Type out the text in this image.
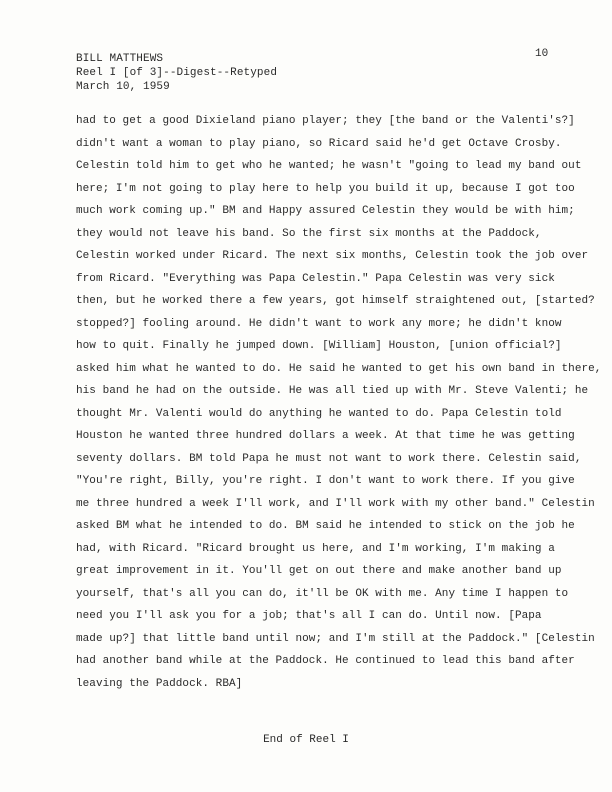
BILL MATTHEWS
Reel I [of 3]--Digest--Retyped
March 10, 1959
10
had to get a good Dixieland piano player; they [the band or the Valenti's?]
didn't want a woman to play piano, so Ricard said he'd get Octave Crosby.
Celestin told him to get who he wanted; he wasn't "going to lead my band out
here; I'm not going to play here to help you build it up, because I got too
much work coming up." BM and Happy assured Celestin they would be with him;
they would not leave his band. So the first six months at the Paddock,
Celestin worked under Ricard. The next six months, Celestin took the job over
from Ricard. "Everything was Papa Celestin." Papa Celestin was very sick
then, but he worked there a few years, got himself straightened out, [started?
stopped?] fooling around. He didn't want to work any more; he didn't know
how to quit. Finally he jumped down. [William] Houston, [union official?]
asked him what he wanted to do. He said he wanted to get his own band in there,
his band he had on the outside. He was all tied up with Mr. Steve Valenti; he
thought Mr. Valenti would do anything he wanted to do. Papa Celestin told
Houston he wanted three hundred dollars a week. At that time he was getting
seventy dollars. BM told Papa he must not want to work there. Celestin said,
"You're right, Billy, you're right. I don't want to work there. If you give
me three hundred a week I'll work, and I'll work with my other band." Celestin
asked BM what he intended to do. BM said he intended to stick on the job he
had, with Ricard. "Ricard brought us here, and I'm working, I'm making a
great improvement in it. You'll get on out there and make another band up
yourself, that's all you can do, it'll be OK with me. Any time I happen to
need you I'll ask you for a job; that's all I can do. Until now. [Papa
made up?] that little band until now; and I'm still at the Paddock." [Celestin
had another band while at the Paddock. He continued to lead this band after
leaving the Paddock. RBA]
End of Reel I
